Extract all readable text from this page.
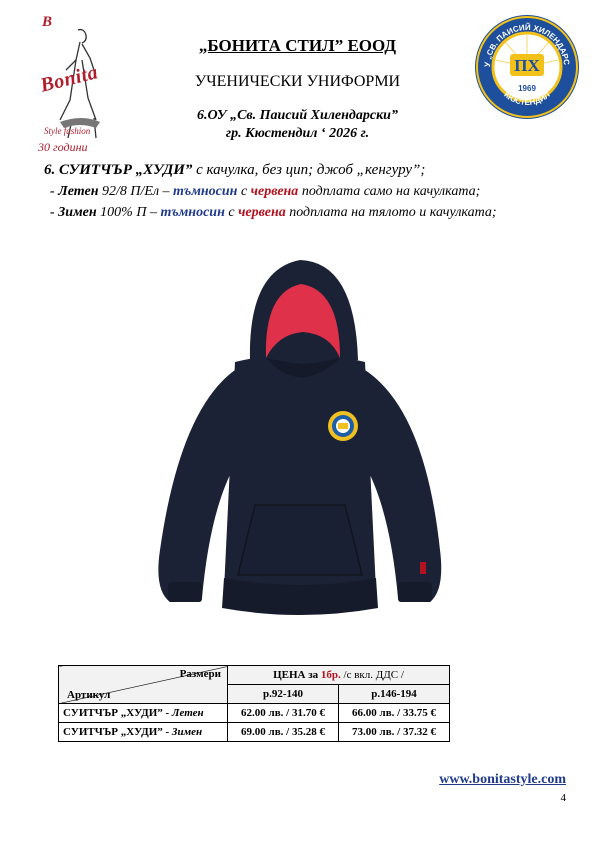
B
Bonita
Style fashion
30 години
У „СВ. ПАИСИЙ ХИЛЕНДАРС
КЮСТЕНДИЛ
ПХ
1969
„БОНИТА СТИЛ” ЕООД
УЧЕНИЧЕСКИ УНИФОРМИ
6.ОУ „Св. Паисий Хилендарски”
гр. Кюстендил ‘ 2026 г.
6. СУИТЧЪР „ХУДИ” с качулка, без цип; джоб „кенгуру”;
- Летен 92/8 П/Ел – тъмносин с червена подплата само на качулката;
- Зимен 100% П – тъмносин с червена подплата на тялото и качулката;
Размери
Артикул	ЦЕНА за 1бр. /с вкл. ДДС /	
	р.92-140	р.146-194
СУИТЧЪР „ХУДИ” - Летен	62.00 лв. / 31.70 €	66.00 лв. / 33.75 €
СУИТЧЪР „ХУДИ” - Зимен	69.00 лв. / 35.28 €	73.00 лв. / 37.32 €
www.bonitastyle.com
4
